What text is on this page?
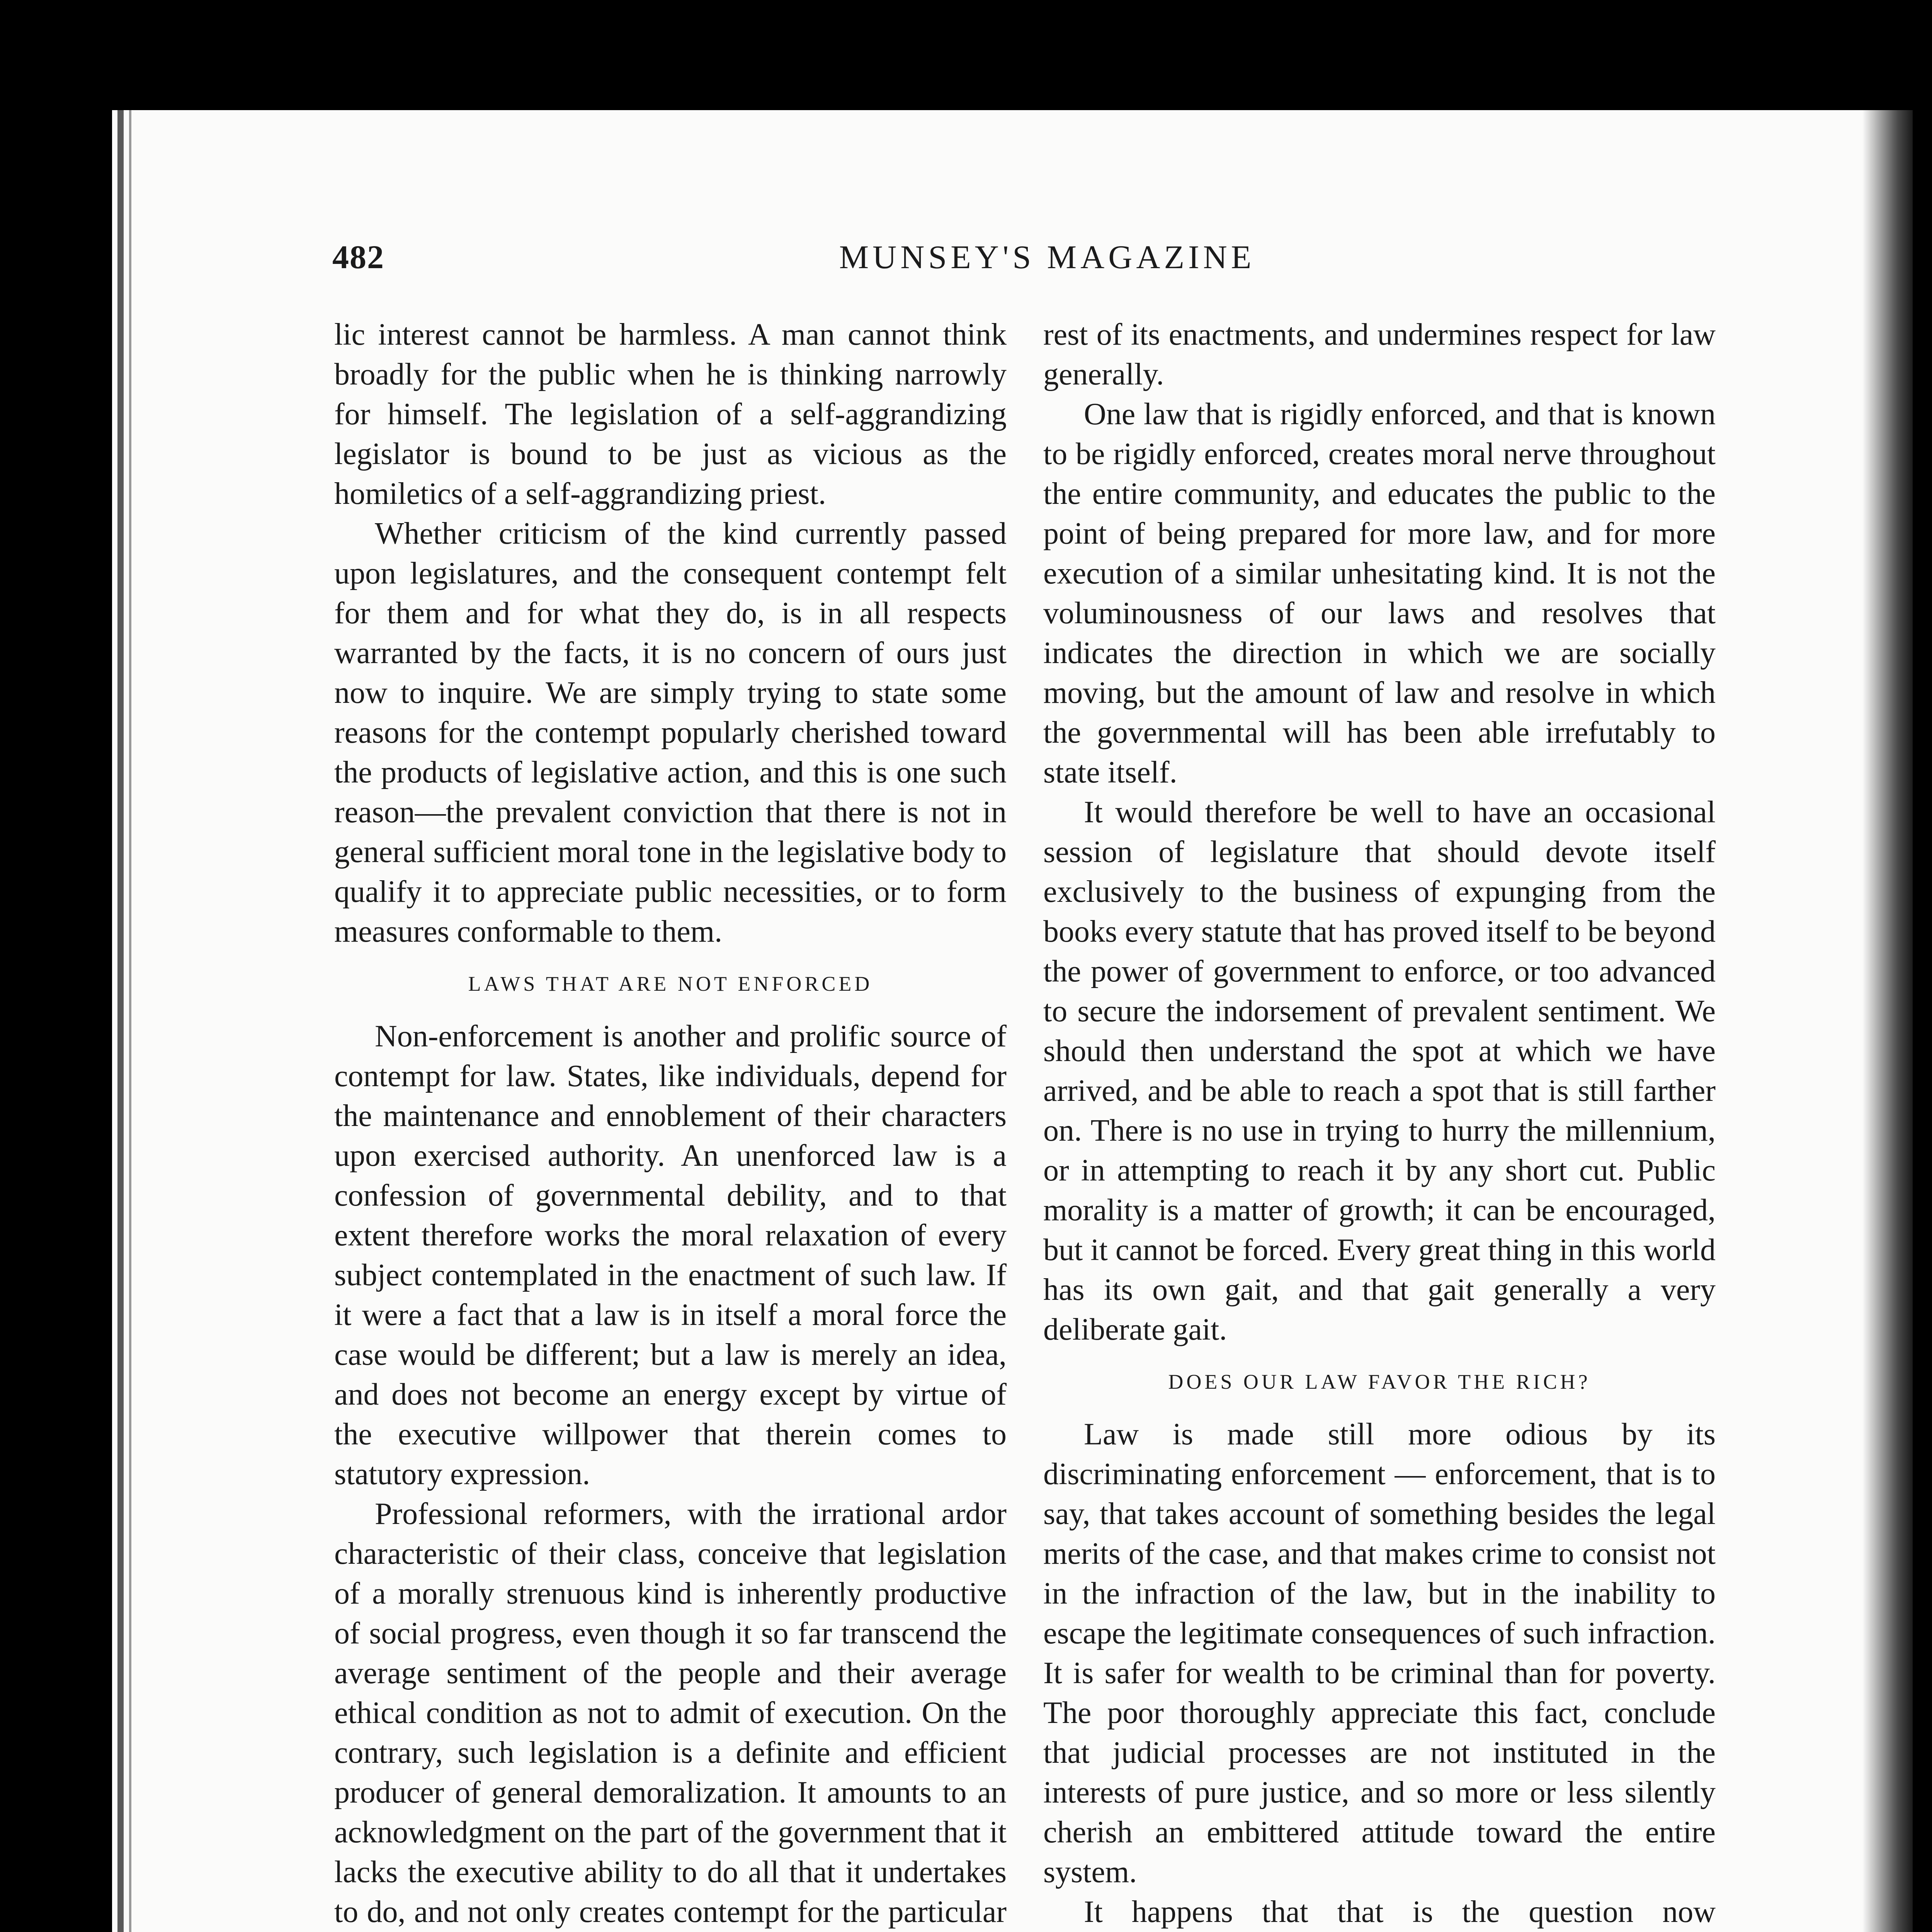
482	MUNSEY'S MAGAZINE

lic interest cannot be harmless. A man cannot think broadly for the public when he is thinking narrowly for himself. The legislation of a self-aggrandizing legislator is bound to be just as vicious as the homiletics of a self-aggrandizing priest.

Whether criticism of the kind currently passed upon legislatures, and the consequent contempt felt for them and for what they do, is in all respects warranted by the facts, it is no concern of ours just now to inquire. We are simply trying to state some reasons for the contempt popularly cherished toward the products of legislative action, and this is one such reason—the prevalent conviction that there is not in general sufficient moral tone in the legislative body to qualify it to appreciate public necessities, or to form measures conformable to them.

LAWS THAT ARE NOT ENFORCED

Non-enforcement is another and prolific source of contempt for law. States, like individuals, depend for the maintenance and ennoblement of their characters upon exercised authority. An unenforced law is a confession of governmental debility, and to that extent therefore works the moral relaxation of every subject contemplated in the enactment of such law. If it were a fact that a law is in itself a moral force the case would be different; but a law is merely an idea, and does not become an energy except by virtue of the executive willpower that therein comes to statutory expression.

Professional reformers, with the irrational ardor characteristic of their class, conceive that legislation of a morally strenuous kind is inherently productive of social progress, even though it so far transcend the average sentiment of the people and their average ethical condition as not to admit of execution. On the contrary, such legislation is a definite and efficient producer of general demoralization. It amounts to an acknowledgment on the part of the government that it lacks the executive ability to do all that it undertakes to do, and not only creates contempt for the particular

rest of its enactments, and undermines respect for law generally.

One law that is rigidly enforced, and that is known to be rigidly enforced, creates moral nerve throughout the entire community, and educates the public to the point of being prepared for more law, and for more execution of a similar unhesitating kind. It is not the voluminousness of our laws and resolves that indicates the direction in which we are socially moving, but the amount of law and resolve in which the governmental will has been able irrefutably to state itself.

It would therefore be well to have an occasional session of legislature that should devote itself exclusively to the business of expunging from the books every statute that has proved itself to be beyond the power of government to enforce, or too advanced to secure the indorsement of prevalent sentiment. We should then understand the spot at which we have arrived, and be able to reach a spot that is still farther on. There is no use in trying to hurry the millennium, or in attempting to reach it by any short cut. Public morality is a matter of growth; it can be encouraged, but it cannot be forced. Every great thing in this world has its own gait, and that gait generally a very deliberate gait.

DOES OUR LAW FAVOR THE RICH?

Law is made still more odious by its discriminating enforcement — enforcement, that is to say, that takes account of something besides the legal merits of the case, and that makes crime to consist not in the infraction of the law, but in the inability to escape the legitimate consequences of such infraction. It is safer for wealth to be criminal than for poverty. The poor thoroughly appreciate this fact, conclude that judicial processes are not instituted in the interests of pure justice, and so more or less silently cherish an embittered attitude toward the entire system.

It happens that that is the question now
